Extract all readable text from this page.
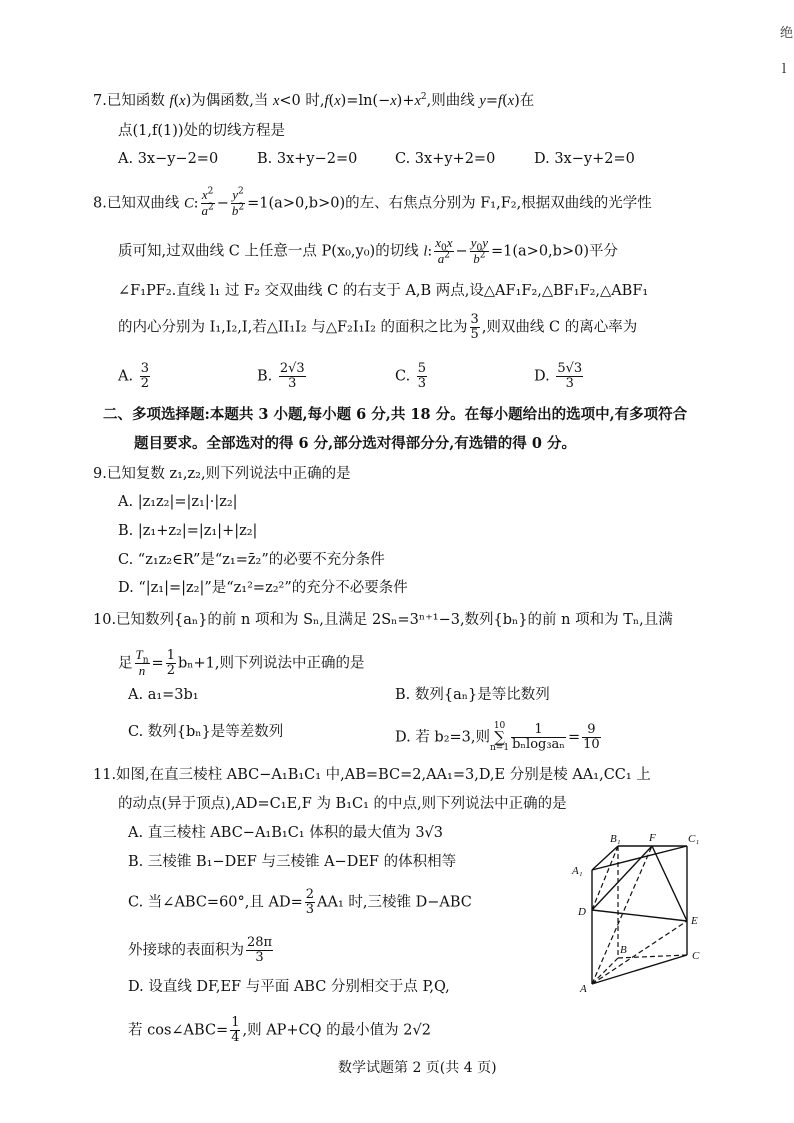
绝
l
7.已知函数 f(x)为偶函数,当 x<0 时$,f(x)=\ln(-x)+x^2$,则曲线 y=f(x)在
点(1,f(1))处的切线方程是
A. 3x−y−2=0	B. 3x+y−2=0	C. 3x+y+2=0	D. 3x−y+2=0
8.已知双曲线 C: $\frac{x^2}{a^2} - \frac{y^2}{b^2} =1(a>0,b>0)$的左、右焦点分别为 F₁,F₂,根据双曲线的光学性
质可知,过双曲线 C 上任意一点 P(x₀,y₀)的切线 l: $\frac{x_0x}{a^2} - \frac{y_0y}{b^2} =1(a>0,b>0)$平分
∠F₁PF₂.直线 l₁ 过 F₂ 交双曲线 C 的右支于 A,B 两点,设△AF₁F₂,△BF₁F₂,△ABF₁
的内心分别为 I₁,I₂,I,若△II₁I₂ 与△F₂I₁I₂ 的面积之比为 $\frac{3}{5}$ ,则双曲线 C 的离心率为
A. $\frac{3}{2}$	B. $\frac{2√3}{3}$	C. $\frac{5}{3}$	D. $\frac{5√3}{3}$
二、多项选择题:本题共 3 小题,每小题 6 分,共 18 分。在每小题给出的选项中,有多项符合
题目要求。全部选对的得 6 分,部分选对得部分分,有选错的得 0 分。
9.已知复数 z₁,z₂,则下列说法中正确的是
A. |z₁z₂|=|z₁|·|z₂|
B. |z₁+z₂|=|z₁|+|z₂|
C. “z₁z₂∈R”是“z₁=z̄₂”的必要不充分条件
D. “|z₁|=|z₂|”是“z₁²=z₂²”的充分不必要条件
10.已知数列{aₙ}的前 n 项和为 Sₙ,且满足 2Sₙ=3ⁿ⁺¹−3,数列{bₙ}的前 n 项和为 Tₙ,且满
足 $\frac{T_n}{n} = \frac{1}{2} b_n+1$,则下列说法中正确的是
A. a₁=3b₁	B. 数列{aₙ}是等比数列
C. 数列{bₙ}是等差数列	D. 若 b₂=3,则
10
∑
$n=1 \frac{1}{\text{bₙlog₃aₙ}} = \frac{9}{10}$
11.如图,在直三棱柱 ABC−A₁B₁C₁ 中,AB=BC=2,AA₁=3,D,E 分别是棱 AA₁,CC₁ 上
的动点(异于顶点),AD=C₁E,F 为 B₁C₁ 的中点,则下列说法中正确的是
A. 直三棱柱 ABC−A₁B₁C₁ 体积的最大值为 3√3
B. 三棱锥 B₁−DEF 与三棱锥 A−DEF 的体积相等
C. 当∠ABC=60°,且 $AD= \frac{2}{3} AA_1$ 时,三棱锥 D−ABC
外接球的表面积为 $\frac{28\pi}{3}$
D. 设直线 DF,EF 与平面 ABC 分别相交于点 P,Q,
若 cos∠ABC= $\frac{1}{4}$ ,则 AP+CQ 的最小值为 2√2
B₁	F	C₁
A₁
D
E
B	C
A
数学试题第 2 页(共 4 页)
